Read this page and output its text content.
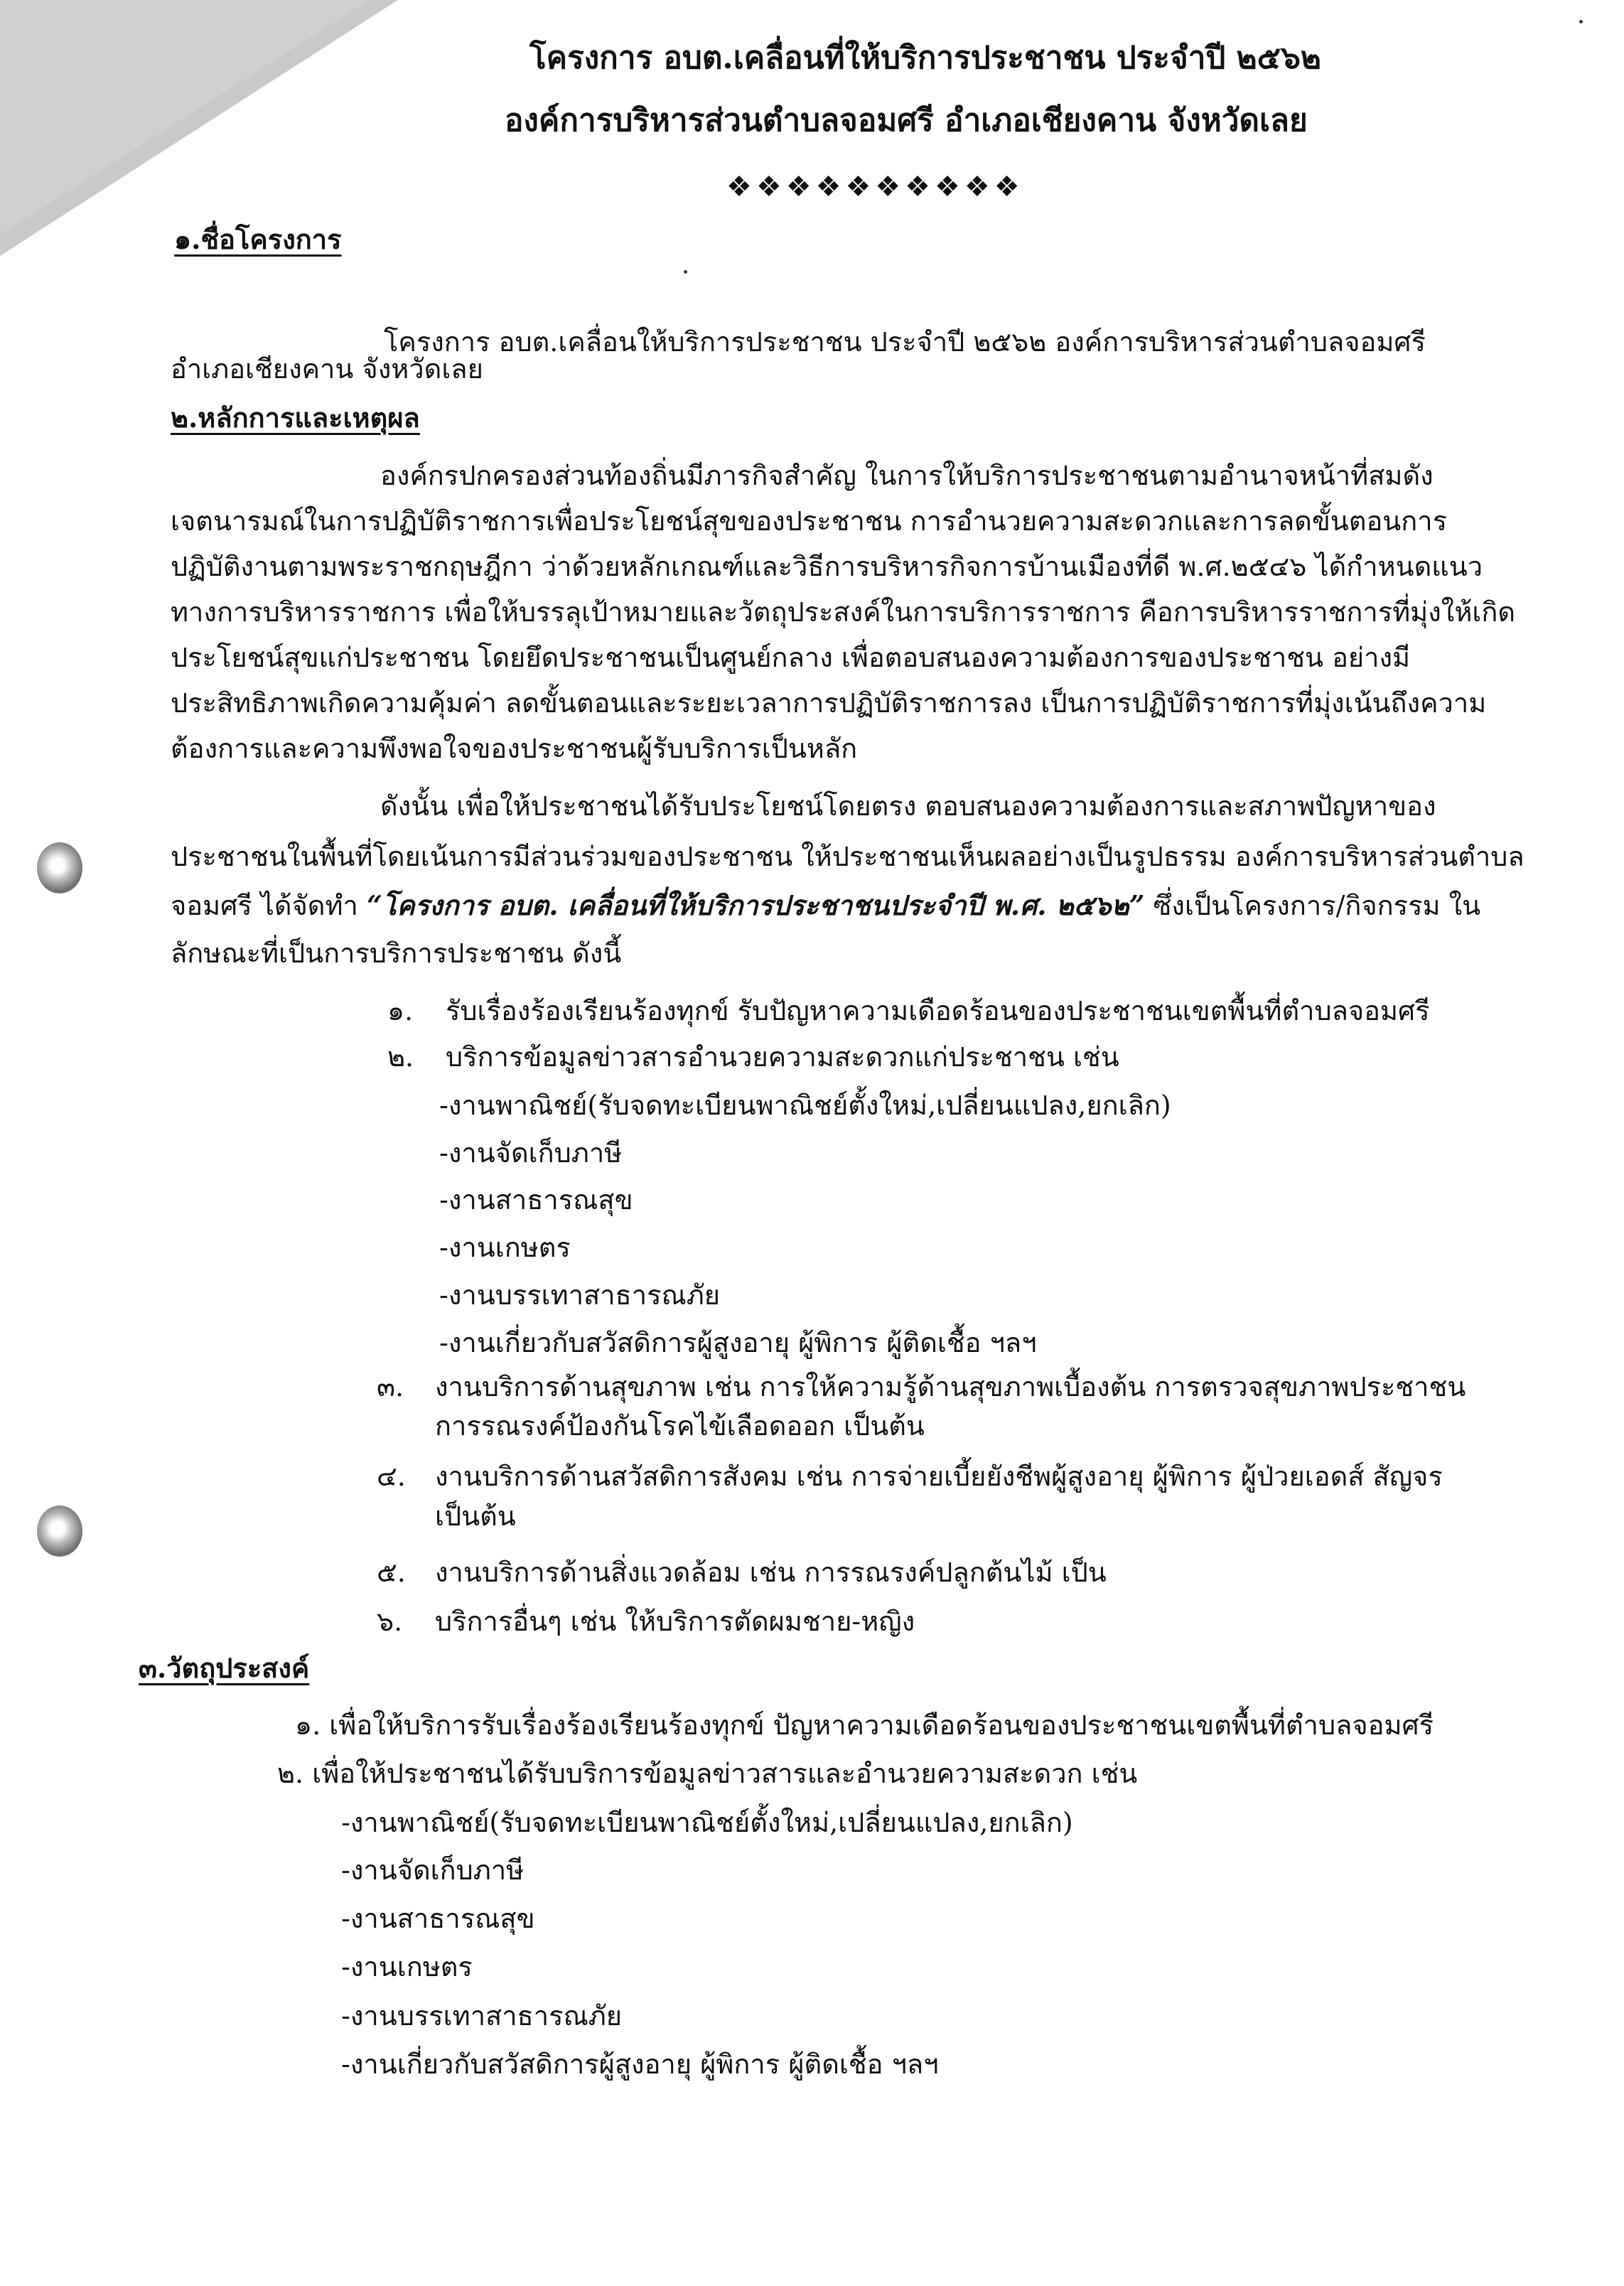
โครงการ อบต.เคลื่อนที่ให้บริการประชาชน ประจำปี ๒๕๖๒
องค์การบริหารส่วนตำบลจอมศรี อำเภอเชียงคาน จังหวัดเลย
❖❖❖❖❖❖❖❖❖❖
๑.ชื่อโครงการ
โครงการ อบต.เคลื่อนให้บริการประชาชน ประจำปี ๒๕๖๒ องค์การบริหารส่วนตำบลจอมศรี
อำเภอเชียงคาน จังหวัดเลย
๒.หลักการและเหตุผล
องค์กรปกครองส่วนท้องถิ่นมีภารกิจสำคัญ ในการให้บริการประชาชนตามอำนาจหน้าที่สมดัง
เจตนารมณ์ในการปฏิบัติราชการเพื่อประโยชน์สุขของประชาชน การอำนวยความสะดวกและการลดขั้นตอนการ
ปฏิบัติงานตามพระราชกฤษฎีกา ว่าด้วยหลักเกณฑ์และวิธีการบริหารกิจการบ้านเมืองที่ดี พ.ศ.๒๕๔๖ ได้กำหนดแนว
ทางการบริหารราชการ เพื่อให้บรรลุเป้าหมายและวัตถุประสงค์ในการบริการราชการ คือการบริหารราชการที่มุ่งให้เกิด
ประโยชน์สุขแก่ประชาชน โดยยึดประชาชนเป็นศูนย์กลาง เพื่อตอบสนองความต้องการของประชาชน อย่างมี
ประสิทธิภาพเกิดความคุ้มค่า ลดขั้นตอนและระยะเวลาการปฏิบัติราชการลง เป็นการปฏิบัติราชการที่มุ่งเน้นถึงความ
ต้องการและความพึงพอใจของประชาชนผู้รับบริการเป็นหลัก
ดังนั้น เพื่อให้ประชาชนได้รับประโยชน์โดยตรง ตอบสนองความต้องการและสภาพปัญหาของ
ประชาชนในพื้นที่โดยเน้นการมีส่วนร่วมของประชาชน ให้ประชาชนเห็นผลอย่างเป็นรูปธรรม องค์การบริหารส่วนตำบล
จอมศรี ได้จัดทำ “โครงการ อบต. เคลื่อนที่ให้บริการประชาชนประจำปี พ.ศ. ๒๕๖๒” ซึ่งเป็นโครงการ/กิจกรรม ใน
ลักษณะที่เป็นการบริการประชาชน ดังนี้
๑. รับเรื่องร้องเรียนร้องทุกข์ รับปัญหาความเดือดร้อนของประชาชนเขตพื้นที่ตำบลจอมศรี
๒. บริการข้อมูลข่าวสารอำนวยความสะดวกแก่ประชาชน เช่น
-งานพาณิชย์(รับจดทะเบียนพาณิชย์ตั้งใหม่,เปลี่ยนแปลง,ยกเลิก)
-งานจัดเก็บภาษี
-งานสาธารณสุข
-งานเกษตร
-งานบรรเทาสาธารณภัย
-งานเกี่ยวกับสวัสดิการผู้สูงอายุ ผู้พิการ ผู้ติดเชื้อ ฯลฯ
๓. งานบริการด้านสุขภาพ เช่น การให้ความรู้ด้านสุขภาพเบื้องต้น การตรวจสุขภาพประชาชน
การรณรงค์ป้องกันโรคไข้เลือดออก เป็นต้น
๔. งานบริการด้านสวัสดิการสังคม เช่น การจ่ายเบี้ยยังชีพผู้สูงอายุ ผู้พิการ ผู้ป่วยเอดส์ สัญจร
เป็นต้น
๕. งานบริการด้านสิ่งแวดล้อม เช่น การรณรงค์ปลูกต้นไม้ เป็น
๖. บริการอื่นๆ เช่น ให้บริการตัดผมชาย-หญิง
๓.วัตถุประสงค์
๑. เพื่อให้บริการรับเรื่องร้องเรียนร้องทุกข์ ปัญหาความเดือดร้อนของประชาชนเขตพื้นที่ตำบลจอมศรี
๒. เพื่อให้ประชาชนได้รับบริการข้อมูลข่าวสารและอำนวยความสะดวก เช่น
-งานพาณิชย์(รับจดทะเบียนพาณิชย์ตั้งใหม่,เปลี่ยนแปลง,ยกเลิก)
-งานจัดเก็บภาษี
-งานสาธารณสุข
-งานเกษตร
-งานบรรเทาสาธารณภัย
-งานเกี่ยวกับสวัสดิการผู้สูงอายุ ผู้พิการ ผู้ติดเชื้อ ฯลฯ
